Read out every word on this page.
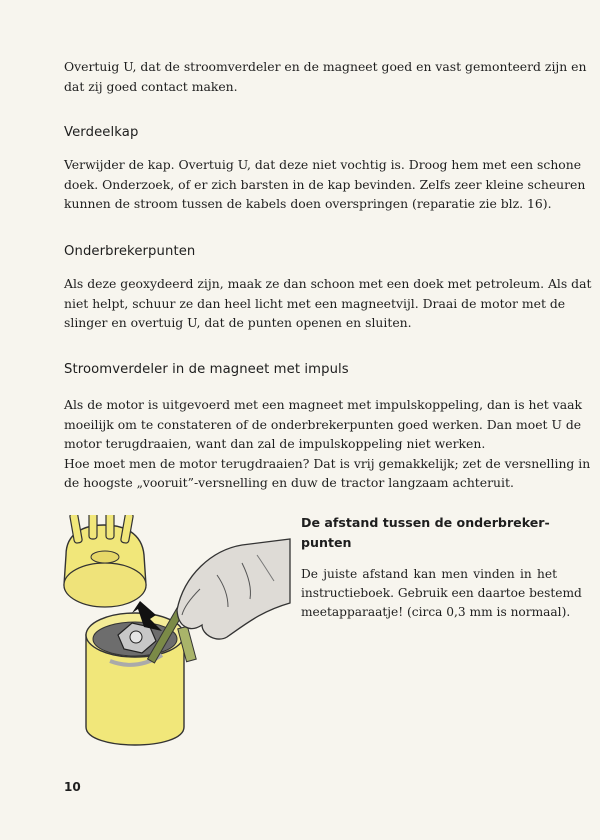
Overtuig U, dat de stroomverdeler en de magneet goed en vast gemonteerd zijn en
dat zij goed contact maken.

Verdeelkap

Verwijder de kap. Overtuig U, dat deze niet vochtig is. Droog hem met een schone
doek. Onderzoek, of er zich barsten in de kap bevinden. Zelfs zeer kleine scheuren
kunnen de stroom tussen de kabels doen overspringen (reparatie zie blz. 16).

Onderbrekerpunten

Als deze geoxydeerd zijn, maak ze dan schoon met een doek met petroleum. Als dat
niet helpt, schuur ze dan heel licht met een magneetvijl. Draai de motor met de
slinger en overtuig U, dat de punten openen en sluiten.

Stroomverdeler in de magneet met impuls

Als de motor is uitgevoerd met een magneet met impulskoppeling, dan is het vaak
moeilijk om te constateren of de onderbrekerpunten goed werken. Dan moet U de
motor terugdraaien, want dan zal de impulskoppeling niet werken.
Hoe moet men de motor terugdraaien? Dat is vrij gemakkelijk; zet de versnelling in
de hoogste „vooruit”-versnelling en duw de tractor langzaam achteruit.

De afstand tussen de onderbreker-
punten

De juiste afstand kan men vinden in het
instructieboek. Gebruik een daartoe bestemd
meetapparaatje! (circa 0,3 mm is normaal).

10
